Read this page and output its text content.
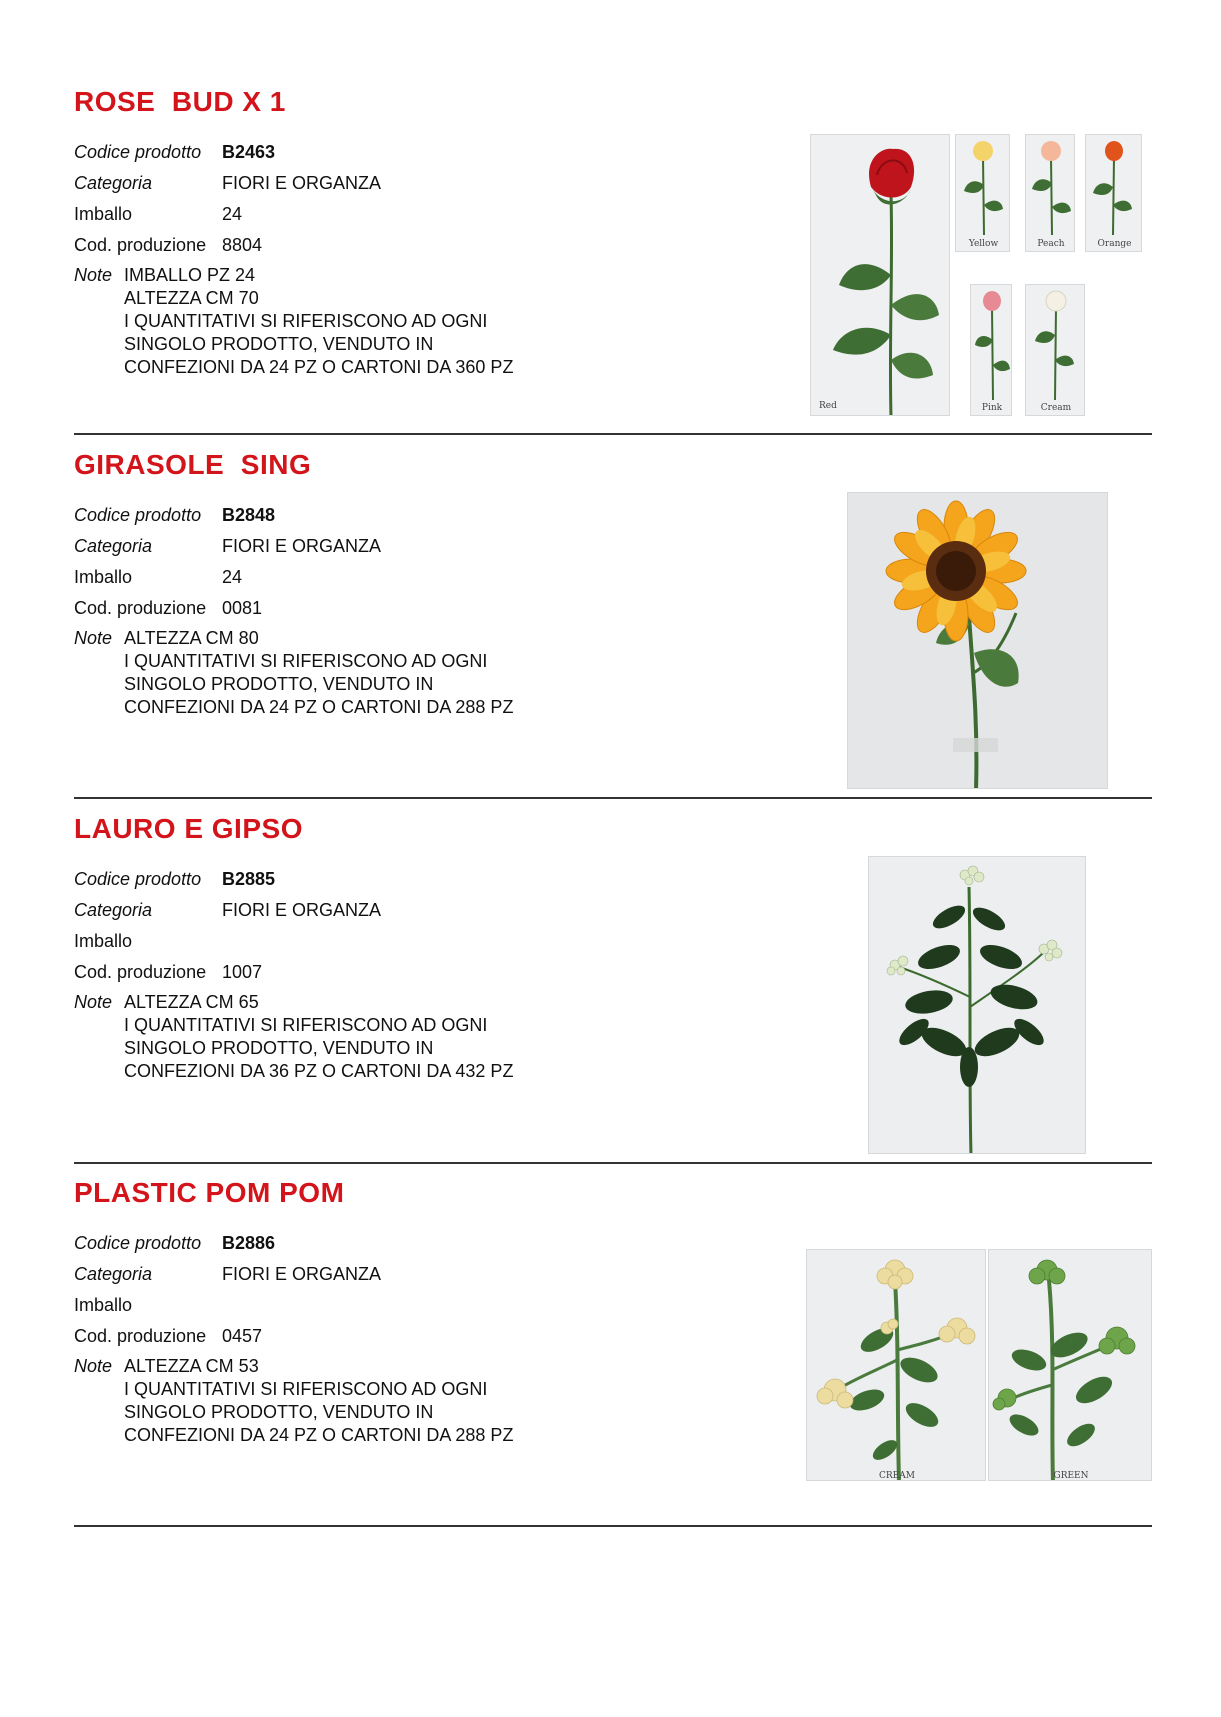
ROSE  BUD X 1
Codice prodotto B2463
Categoria	FIORI E ORGANZA
Imballo	24
Cod. produzione 8804
Note IMBALLO PZ 24
ALTEZZA CM 70
I QUANTITATIVI SI RIFERISCONO AD OGNI
SINGOLO PRODOTTO, VENDUTO IN
CONFEZIONI DA 24 PZ O CARTONI DA 360 PZ
Red
Yellow	Peach	Orange
Pink	Cream
GIRASOLE  SING
Codice prodotto B2848
Categoria	FIORI E ORGANZA
Imballo	24
Cod. produzione 0081
Note ALTEZZA CM 80
I QUANTITATIVI SI RIFERISCONO AD OGNI
SINGOLO PRODOTTO, VENDUTO IN
CONFEZIONI DA 24 PZ O CARTONI DA 288 PZ
LAURO E GIPSO
Codice prodotto B2885
Categoria	FIORI E ORGANZA
Imballo
Cod. produzione 1007
Note ALTEZZA CM 65
I QUANTITATIVI SI RIFERISCONO AD OGNI
SINGOLO PRODOTTO, VENDUTO IN
CONFEZIONI DA 36 PZ O CARTONI DA 432 PZ
PLASTIC POM POM
Codice prodotto B2886
Categoria	FIORI E ORGANZA
Imballo
Cod. produzione 0457
Note ALTEZZA CM 53
I QUANTITATIVI SI RIFERISCONO AD OGNI
SINGOLO PRODOTTO, VENDUTO IN
CONFEZIONI DA 24 PZ O CARTONI DA 288 PZ
CREAM	GREEN
